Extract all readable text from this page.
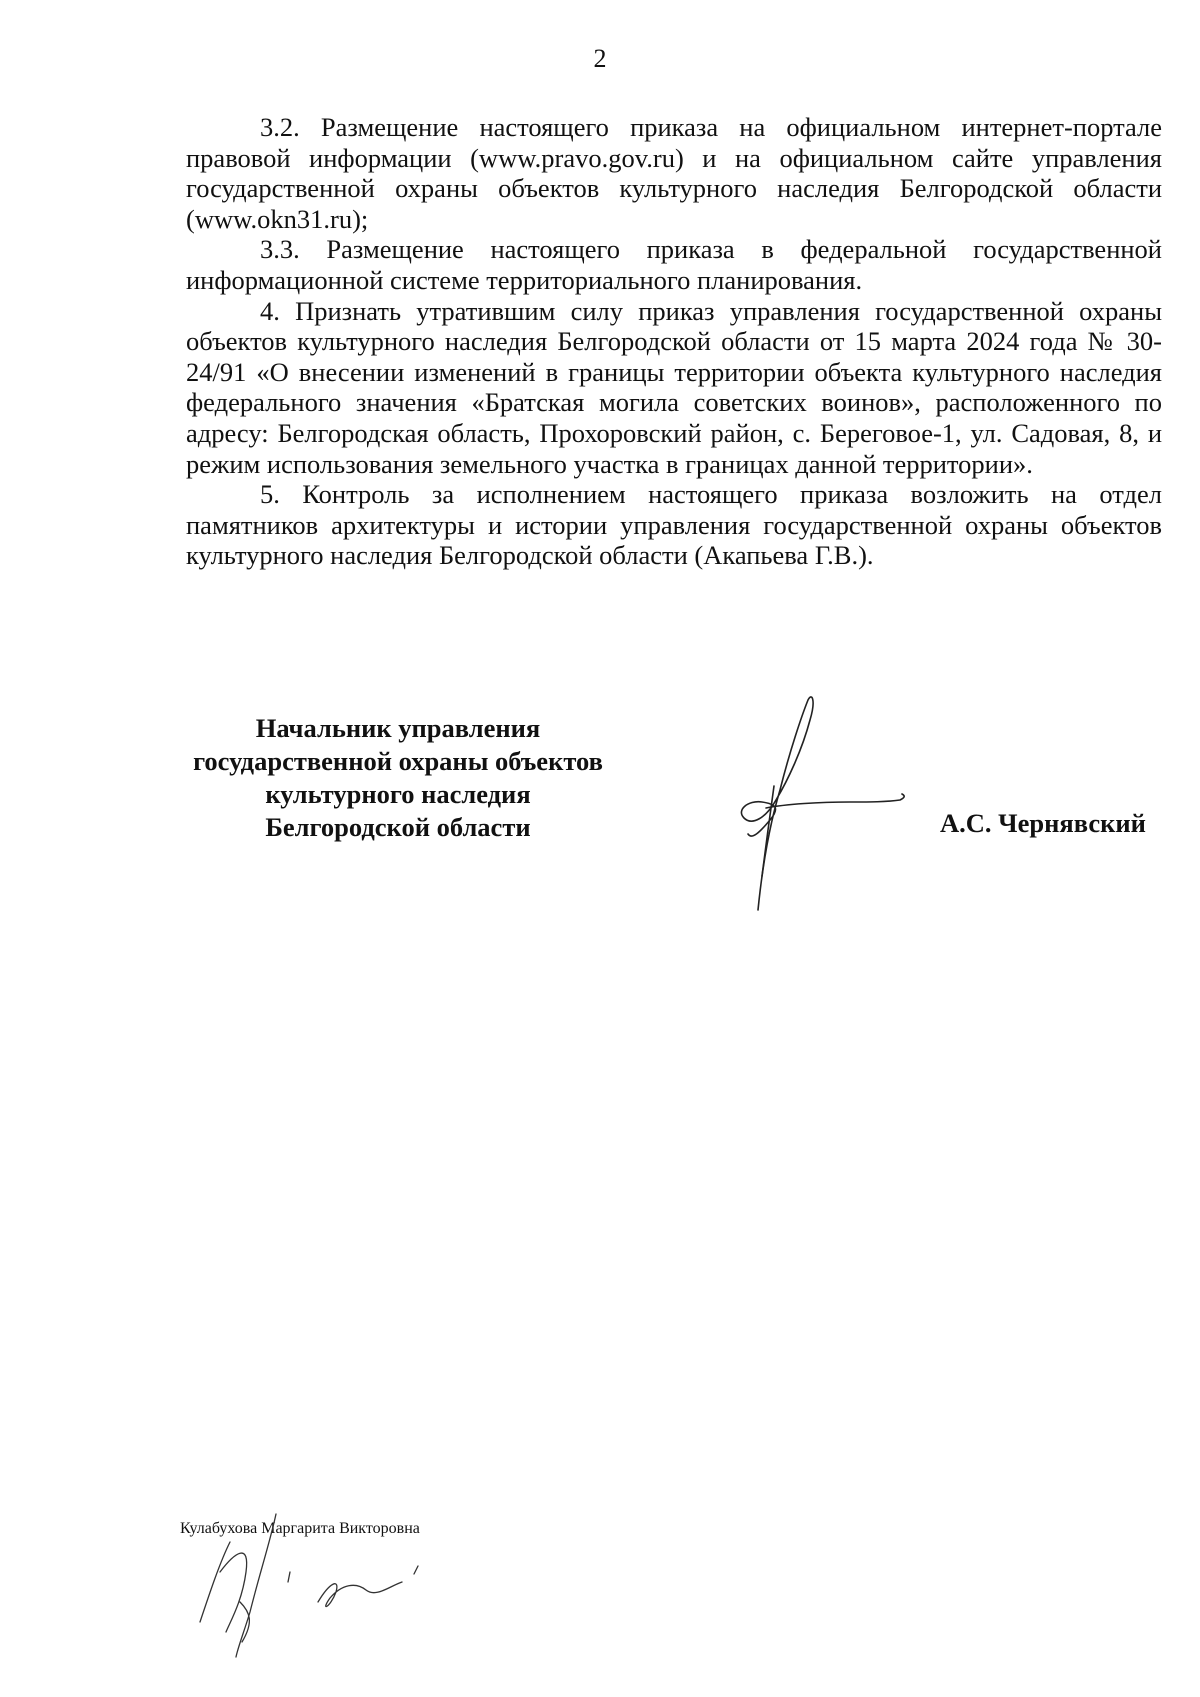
2

3.2. Размещение настоящего приказа на официальном интернет-портале правовой информации (www.pravo.gov.ru) и на официальном сайте управления государственной охраны объектов культурного наследия Белгородской области (www.okn31.ru);

3.3. Размещение настоящего приказа в федеральной государственной информационной системе территориального планирования.

4. Признать утратившим силу приказ управления государственной охраны объектов культурного наследия Белгородской области от 15 марта 2024 года № 30-24/91 «О внесении изменений в границы территории объекта культурного наследия федерального значения «Братская могила советских воинов», расположенного по адресу: Белгородская область, Прохоровский район, с. Береговое-1, ул. Садовая, 8, и режим использования земельного участка в границах данной территории».

5. Контроль за исполнением настоящего приказа возложить на отдел памятников архитектуры и истории управления государственной охраны объектов культурного наследия Белгородской области (Акапьева Г.В.).

Начальник управления
государственной охраны объектов
культурного наследия
Белгородской области	А.С. Чернявский
Кулабухова Маргарита Викторовна
